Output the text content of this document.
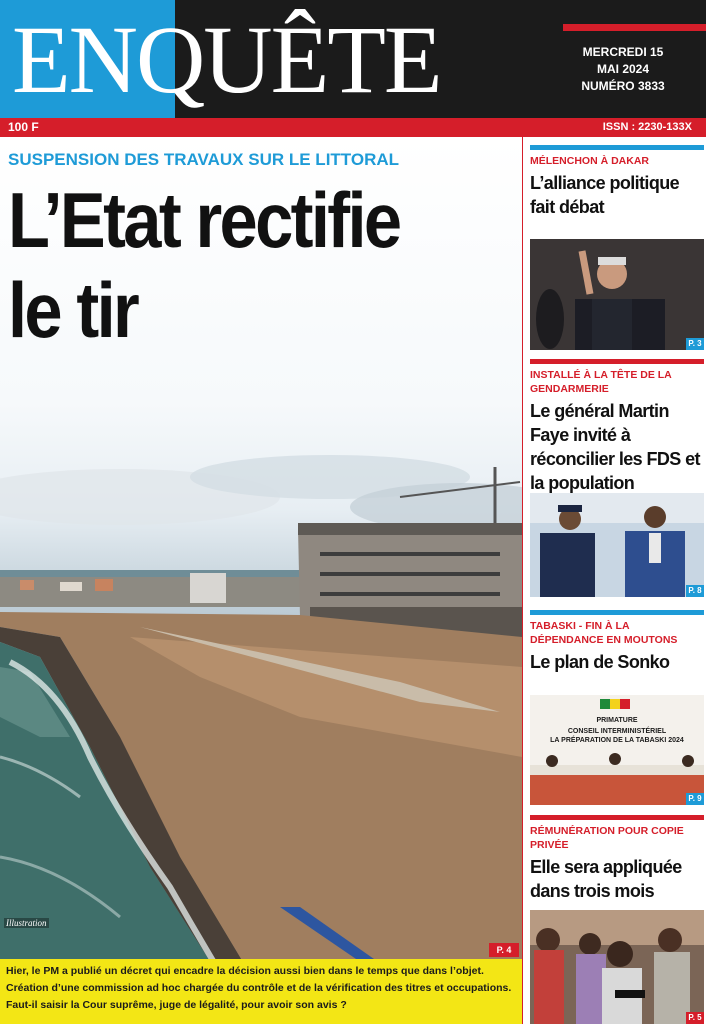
ENQUÊTE	MERCREDI 15
MAI 2024
NUMÉRO 3833
100 F	ISSN : 2230-133X
SUSPENSION DES TRAVAUX SUR LE LITTORAL
L’Etat rectifie
le tir
Illustration
P. 4
Hier, le PM a publié un décret qui encadre la décision aussi bien dans le temps que dans l’objet.
Création d’une commission ad hoc chargée du contrôle et de la vérification des titres et occupations.
Faut-il saisir la Cour suprême, juge de légalité, pour avoir son avis ?
MÉLENCHON À DAKAR
L’alliance politique fait débat
P. 3
INSTALLÉ À LA TÊTE DE LA GENDARMERIE
Le général Martin Faye invité à réconcilier les FDS et la population
P. 8
TABASKI - FIN À LA DÉPENDANCE EN MOUTONS
Le plan de Sonko
PRIMATURE
CONSEIL INTERMINISTÉRIEL
LA PRÉPARATION DE LA TABASKI 2024
P. 9
RÉMUNÉRATION POUR COPIE PRIVÉE
Elle sera appliquée dans trois mois
P. 5
